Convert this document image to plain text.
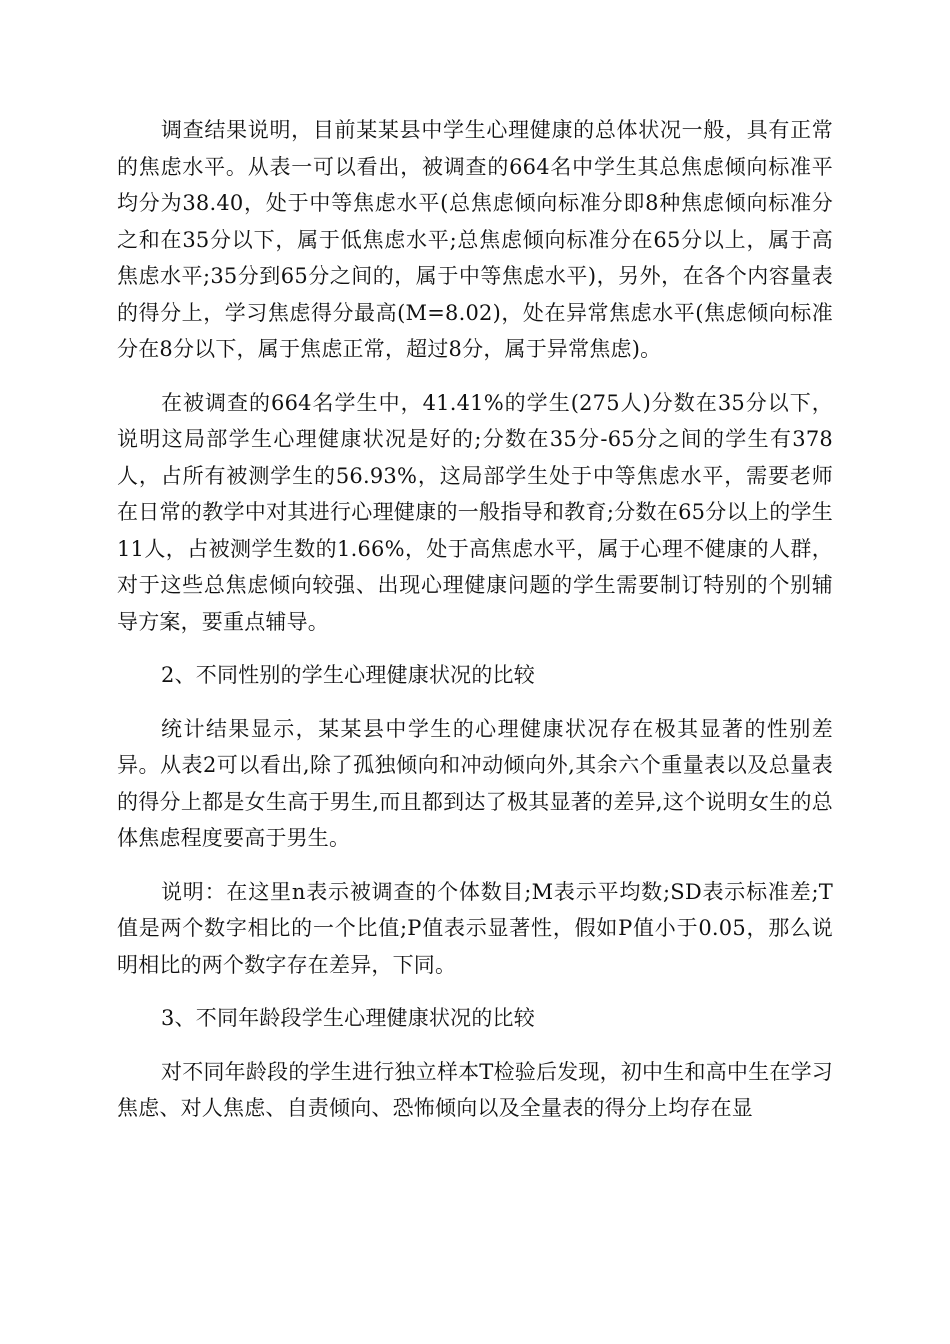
调查结果说明，目前某某县中学生心理健康的总体状况一般，具有正常的焦虑水平。从表一可以看出，被调查的664名中学生其总焦虑倾向标准平均分为38.40，处于中等焦虑水平(总焦虑倾向标准分即8种焦虑倾向标准分之和在35分以下，属于低焦虑水平;总焦虑倾向标准分在65分以上，属于高焦虑水平;35分到65分之间的，属于中等焦虑水平)，另外，在各个内容量表的得分上，学习焦虑得分最高(M=8.02)，处在异常焦虑水平(焦虑倾向标准分在8分以下，属于焦虑正常，超过8分，属于异常焦虑)。

在被调查的664名学生中，41.41%的学生(275人)分数在35分以下，说明这局部学生心理健康状况是好的;分数在35分-65分之间的学生有378人，占所有被测学生的56.93%，这局部学生处于中等焦虑水平，需要老师在日常的教学中对其进行心理健康的一般指导和教育;分数在65分以上的学生11人，占被测学生数的1.66%，处于高焦虑水平，属于心理不健康的人群，对于这些总焦虑倾向较强、出现心理健康问题的学生需要制订特别的个别辅导方案，要重点辅导。

2、不同性别的学生心理健康状况的比较

统计结果显示，某某县中学生的心理健康状况存在极其显著的性别差异。从表2可以看出,除了孤独倾向和冲动倾向外,其余六个重量表以及总量表的得分上都是女生高于男生,而且都到达了极其显著的差异,这个说明女生的总体焦虑程度要高于男生。

说明：在这里n表示被调查的个体数目;M表示平均数;SD表示标准差;T值是两个数字相比的一个比值;P值表示显著性，假如P值小于0.05，那么说明相比的两个数字存在差异，下同。

3、不同年龄段学生心理健康状况的比较

对不同年龄段的学生进行独立样本T检验后发现，初中生和高中生在学习焦虑、对人焦虑、自责倾向、恐怖倾向以及全量表的得分上均存在显
